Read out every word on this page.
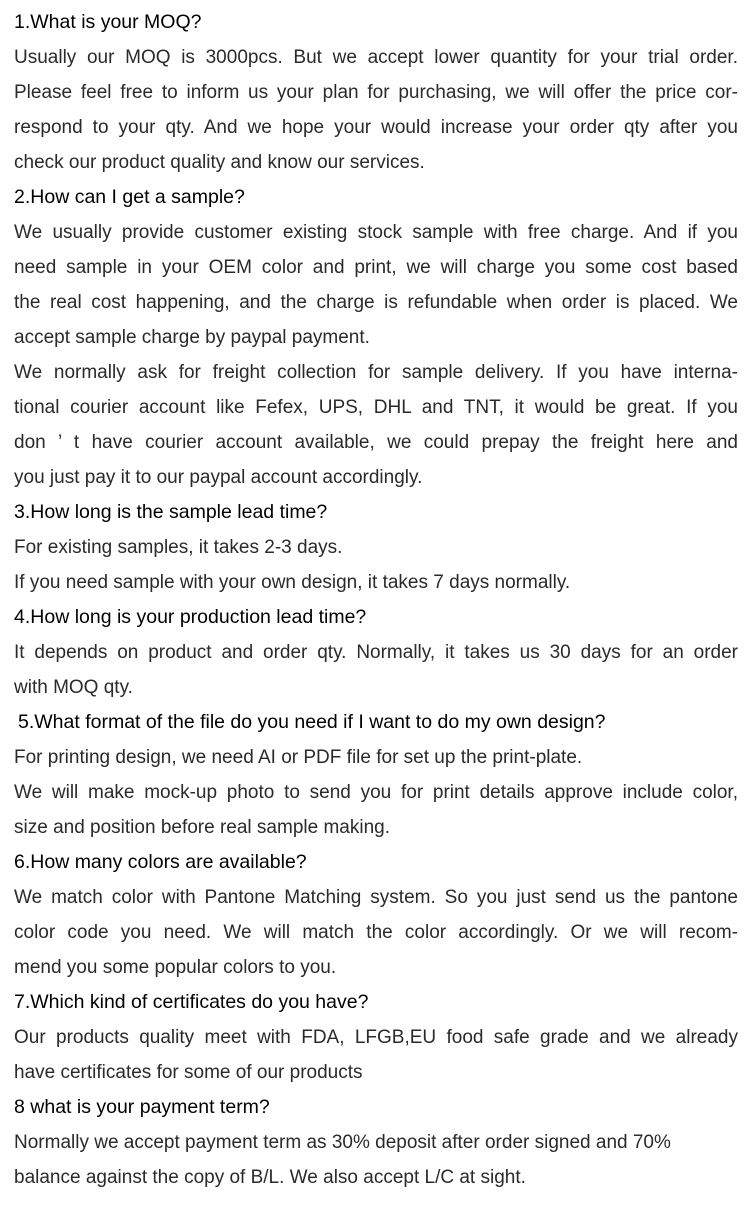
1.What is your MOQ?
Usually our MOQ is 3000pcs. But we accept lower quantity for your trial order.
Please feel free to inform us your plan for purchasing, we will offer the price cor-
respond to your qty. And we hope your would increase your order qty after you
check our product quality and know our services.
2.How can I get a sample?
We usually provide customer existing stock sample with free charge. And if you
need sample in your OEM color and print, we will charge you some cost based
the real cost happening, and the charge is refundable when order is placed. We
accept sample charge by paypal payment.
We normally ask for freight collection for sample delivery. If you have interna-
tional courier account like Fefex, UPS, DHL and TNT, it would be great. If you
don ’ t have courier account available, we could prepay the freight here and
you just pay it to our paypal account accordingly.
3.How long is the sample lead time?
For existing samples, it takes 2-3 days.
If you need sample with your own design, it takes 7 days normally.
4.How long is your production lead time?
It depends on product and order qty. Normally, it takes us 30 days for an order
with MOQ qty.
5.What format of the file do you need if I want to do my own design?
For printing design, we need AI or PDF file for set up the print-plate.
We will make mock-up photo to send you for print details approve include color,
size and position before real sample making.
6.How many colors are available?
We match color with Pantone Matching system. So you just send us the pantone
color code you need. We will match the color accordingly. Or we will recom-
mend you some popular colors to you.
7.Which kind of certificates do you have?
Our products quality meet with FDA, LFGB,EU food safe grade and we already
have certificates for some of our products
8 what is your payment term?
Normally we accept payment term as 30% deposit after order signed and 70%
balance against the copy of B/L. We also accept L/C at sight.
